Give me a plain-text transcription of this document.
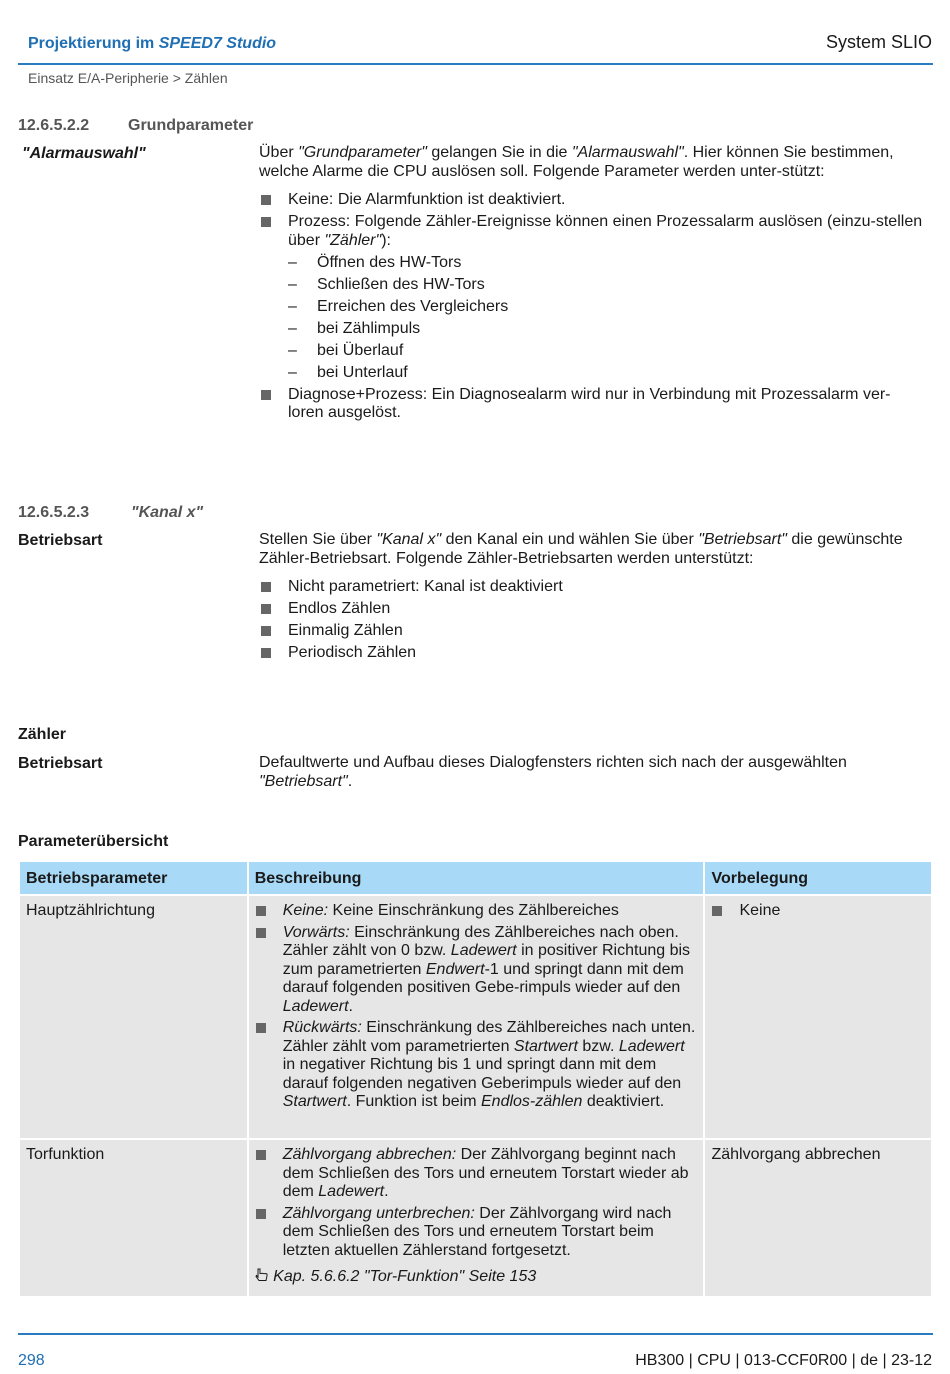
Projektierung im SPEED7 Studio	System SLIO
Einsatz E/A-Peripherie > Zählen
12.6.5.2.2 Grundparameter
"Alarmauswahl"	Über "Grundparameter" gelangen Sie in die "Alarmauswahl". Hier können Sie bestimmen, welche Alarme die CPU auslösen soll. Folgende Parameter werden unter-stützt:

Keine: Die Alarmfunktion ist deaktiviert.
Prozess: Folgende Zähler-Ereignisse können einen Prozessalarm auslösen (einzu-stellen über "Zähler"):
– Öffnen des HW-Tors
– Schließen des HW-Tors
– Erreichen des Vergleichers
– bei Zählimpuls
– bei Überlauf
– bei Unterlauf
Diagnose+Prozess: Ein Diagnosealarm wird nur in Verbindung mit Prozessalarm ver-loren ausgelöst.
12.6.5.2.3	"Kanal x"
Betriebsart	Stellen Sie über "Kanal x" den Kanal ein und wählen Sie über "Betriebsart" die gewünschte Zähler-Betriebsart. Folgende Zähler-Betriebsarten werden unterstützt:

Nicht parametriert: Kanal ist deaktiviert
Endlos Zählen
Einmalig Zählen
Periodisch Zählen
Zähler
Betriebsart	Defaultwerte und Aufbau dieses Dialogfensters richten sich nach der ausgewählten "Betriebsart".
Parameterübersicht
Betriebsparameter	Beschreibung	Vorbelegung
Hauptzählrichtung	Keine: Keine Einschränkung des Zählbereiches
Vorwärts: Einschränkung des Zählbereiches nach oben. Zähler zählt von 0 bzw. Ladewert in positiver Richtung bis zum parametrierten Endwert-1 und springt dann mit dem darauf folgenden positiven Gebe-rimpuls wieder auf den Ladewert.
Rückwärts: Einschränkung des Zählbereiches nach unten. Zähler zählt vom parametrierten Startwert bzw. Ladewert in negativer Richtung bis 1 und springt dann mit dem darauf folgenden negativen Geberimpuls wieder auf den Startwert. Funktion ist beim Endlos-zählen deaktiviert.	Keine

Torfunktion	Zählvorgang abbrechen: Der Zählvorgang beginnt nach dem Schließen des Tors und erneutem Torstart wieder ab dem Ladewert.
Zählvorgang unterbrechen: Der Zählvorgang wird nach dem Schließen des Tors und erneutem Torstart beim letzten aktuellen Zählerstand fortgesetzt.
Kap. 5.6.6.2 "Tor-Funktion" Seite 153	Zählvorgang abbrechen
298	HB300 | CPU | 013-CCF0R00 | de | 23-12
